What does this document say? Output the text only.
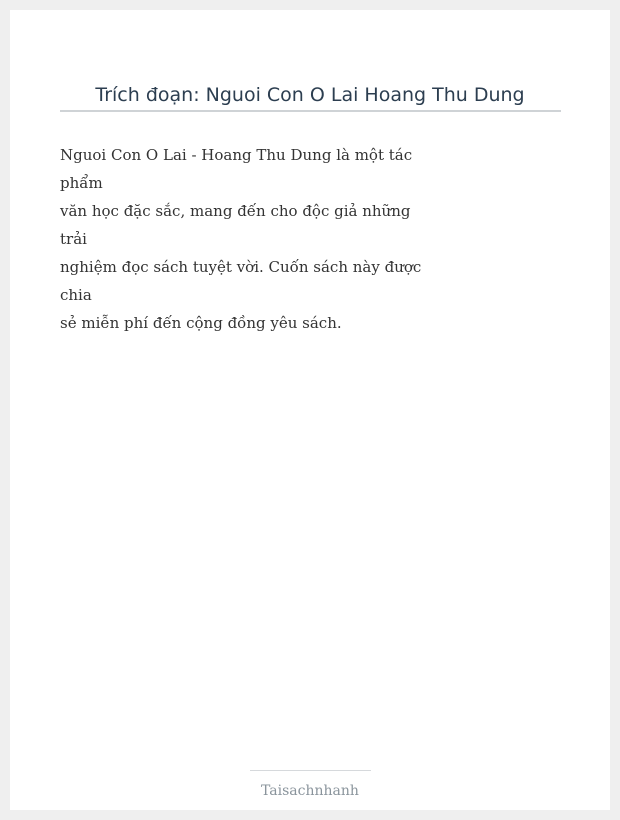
Trích đoạn: Nguoi Con O Lai Hoang Thu Dung
Nguoi Con O Lai - Hoang Thu Dung là một tác
phẩm
văn học đặc sắc, mang đến cho độc giả những
trải
nghiệm đọc sách tuyệt vời. Cuốn sách này được
chia
sẻ miễn phí đến cộng đồng yêu sách.
Taisachnhanh
